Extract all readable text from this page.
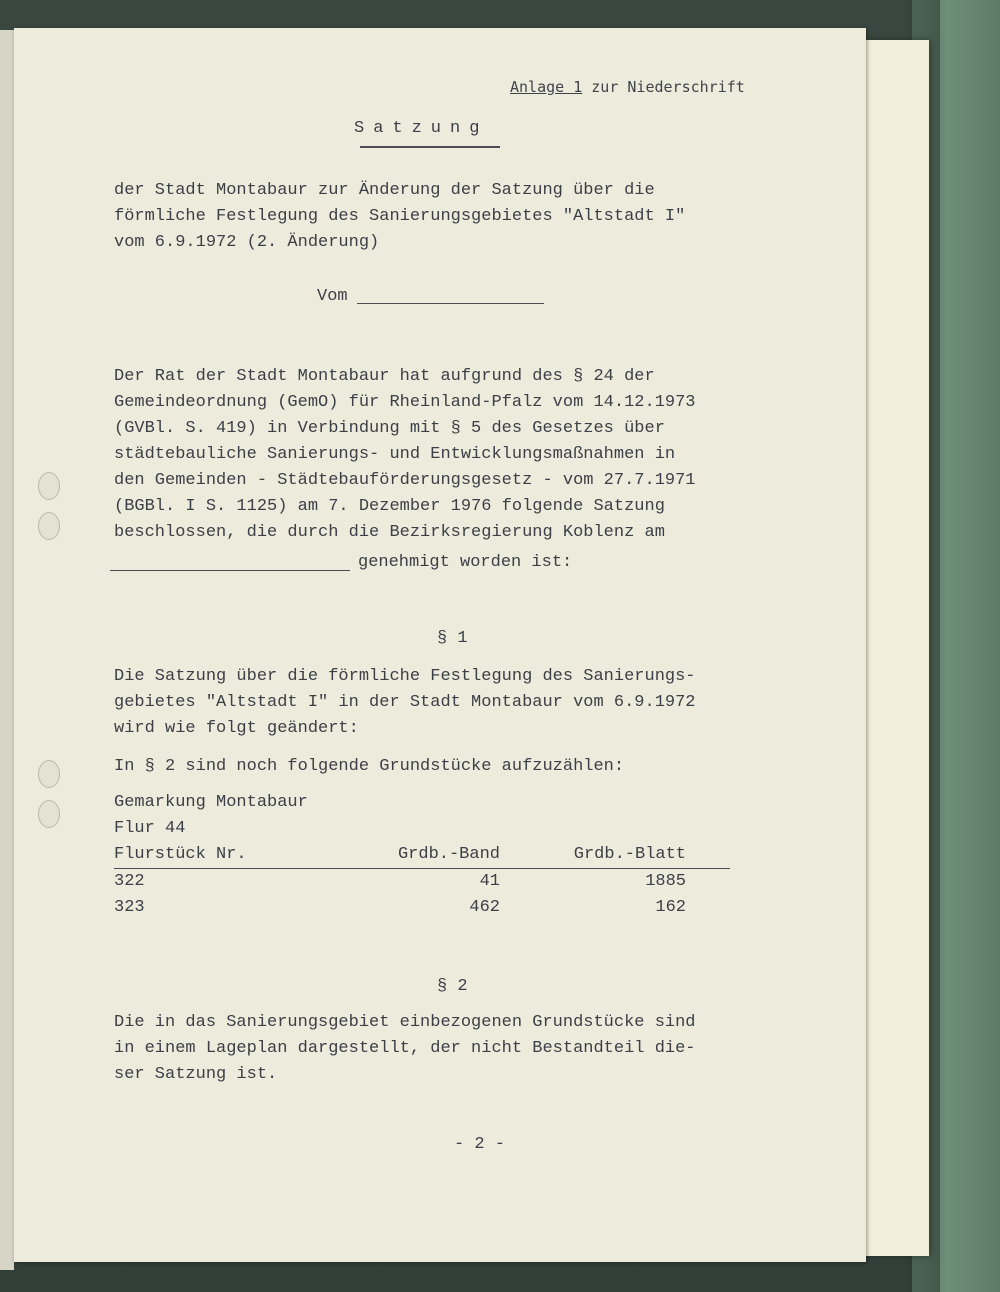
Anlage 1 zur Niederschrift
Satzung
der Stadt Montabaur zur Änderung der Satzung über die
förmliche Festlegung des Sanierungsgebietes "Altstadt I"
vom 6.9.1972 (2. Änderung)
Vom
Der Rat der Stadt Montabaur hat aufgrund des § 24 der
Gemeindeordnung (GemO) für Rheinland-Pfalz vom 14.12.1973
(GVBl. S. 419) in Verbindung mit § 5 des Gesetzes über
städtebauliche Sanierungs- und Entwicklungsmaßnahmen in
den Gemeinden - Städtebauförderungsgesetz - vom 27.7.1971
(BGBl. I S. 1125) am 7. Dezember 1976 folgende Satzung
beschlossen, die durch die Bezirksregierung Koblenz am
genehmigt worden ist:
§ 1
Die Satzung über die förmliche Festlegung des Sanierungs-
gebietes "Altstadt I" in der Stadt Montabaur vom 6.9.1972
wird wie folgt geändert:
In § 2 sind noch folgende Grundstücke aufzuzählen:
Gemarkung Montabaur
Flur 44
Flurstück Nr.	Grdb.-Band	Grdb.-Blatt
322	41	1885
323	462	162
§ 2
Die in das Sanierungsgebiet einbezogenen Grundstücke sind
in einem Lageplan dargestellt, der nicht Bestandteil die-
ser Satzung ist.
- 2 -
